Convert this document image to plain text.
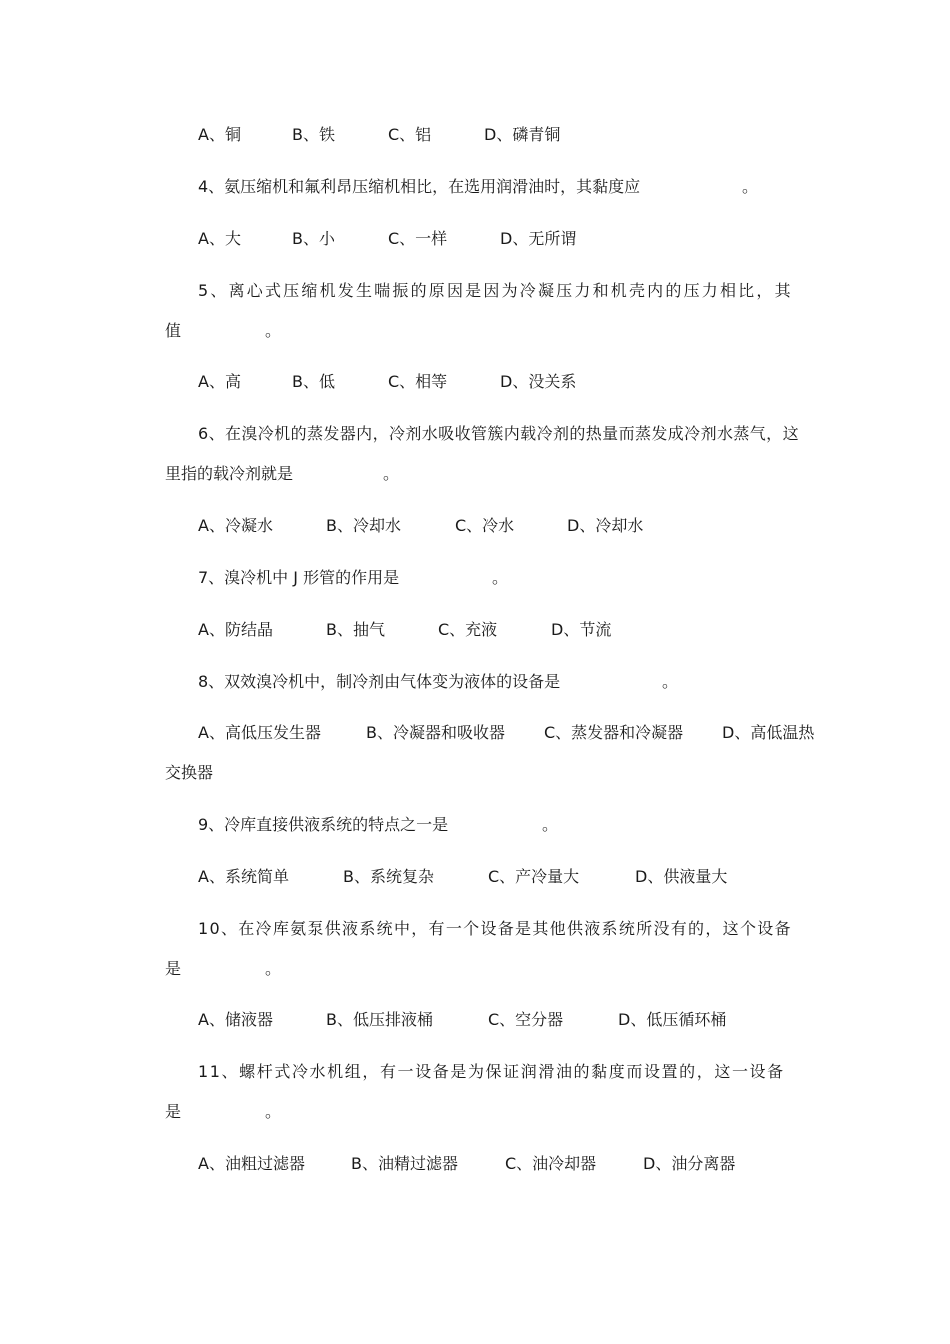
A、铜	B、铁	C、铝	D、磷青铜
4、氨压缩机和氟利昂压缩机相比，在选用润滑油时，其黏度应	。
A、大	B、小	C、一样	D、无所谓
5、离心式压缩机发生喘振的原因是因为冷凝压力和机壳内的压力相比，其
值	。
A、高	B、低	C、相等	D、没关系
6、在溴冷机的蒸发器内，冷剂水吸收管簇内载冷剂的热量而蒸发成冷剂水蒸气，这
里指的载冷剂就是	。
A、冷凝水	B、冷却水	C、冷水	D、冷却水
7、溴冷机中 J 形管的作用是	。
A、防结晶	B、抽气	C、充液	D、节流
8、双效溴冷机中，制冷剂由气体变为液体的设备是	。
A、高低压发生器	B、冷凝器和吸收器 C、蒸发器和冷凝器 D、高低温热
交换器
9、冷库直接供液系统的特点之一是	。
A、系统简单	B、系统复杂	C、产冷量大	D、供液量大
10、在冷库氨泵供液系统中，有一个设备是其他供液系统所没有的，这个设备
是	。
A、储液器	B、低压排液桶	C、空分器	D、低压循环桶
11、螺杆式冷水机组，有一设备是为保证润滑油的黏度而设置的，这一设备
是	。
A、油粗过滤器	B、油精过滤器	C、油冷却器	D、油分离器
